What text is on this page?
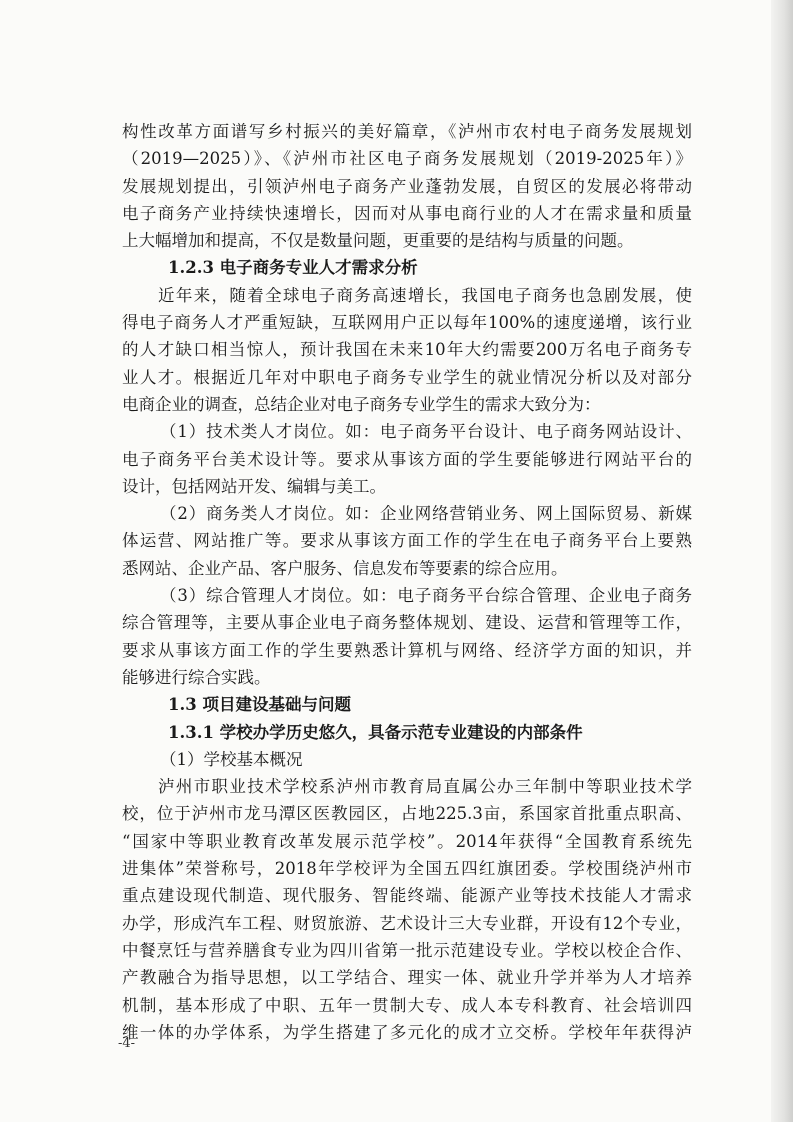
构性改革方面谱写乡村振兴的美好篇章，《泸州市农村电子商务发展规划
（2019—2025）》、《泸州市社区电子商务发展规划（2019-2025年）》
发展规划提出，引领泸州电子商务产业蓬勃发展，自贸区的发展必将带动
电子商务产业持续快速增长，因而对从事电商行业的人才在需求量和质量
上大幅增加和提高，不仅是数量问题，更重要的是结构与质量的问题。
1.2.3 电子商务专业人才需求分析
近年来，随着全球电子商务高速增长，我国电子商务也急剧发展，使
得电子商务人才严重短缺，互联网用户正以每年100%的速度递增，该行业
的人才缺口相当惊人，预计我国在未来10年大约需要200万名电子商务专
业人才。根据近几年对中职电子商务专业学生的就业情况分析以及对部分
电商企业的调查，总结企业对电子商务专业学生的需求大致分为：
（1）技术类人才岗位。如：电子商务平台设计、电子商务网站设计、
电子商务平台美术设计等。要求从事该方面的学生要能够进行网站平台的
设计，包括网站开发、编辑与美工。
（2）商务类人才岗位。如：企业网络营销业务、网上国际贸易、新媒
体运营、网站推广等。要求从事该方面工作的学生在电子商务平台上要熟
悉网站、企业产品、客户服务、信息发布等要素的综合应用。
（3）综合管理人才岗位。如：电子商务平台综合管理、企业电子商务
综合管理等，主要从事企业电子商务整体规划、建设、运营和管理等工作，
要求从事该方面工作的学生要熟悉计算机与网络、经济学方面的知识，并
能够进行综合实践。
1.3 项目建设基础与问题
1.3.1 学校办学历史悠久，具备示范专业建设的内部条件
（1）学校基本概况
泸州市职业技术学校系泸州市教育局直属公办三年制中等职业技术学
校，位于泸州市龙马潭区医教园区，占地225.3亩，系国家首批重点职高、
“国家中等职业教育改革发展示范学校”。2014年获得“全国教育系统先
进集体”荣誉称号，2018年学校评为全国五四红旗团委。学校围绕泸州市
重点建设现代制造、现代服务、智能终端、能源产业等技术技能人才需求
办学，形成汽车工程、财贸旅游、艺术设计三大专业群，开设有12个专业，
中餐烹饪与营养膳食专业为四川省第一批示范建设专业。学校以校企合作、
产教融合为指导思想，以工学结合、理实一体、就业升学并举为人才培养
机制，基本形成了中职、五年一贯制大专、成人本专科教育、社会培训四
维一体的办学体系，为学生搭建了多元化的成才立交桥。学校年年获得泸
-4-
